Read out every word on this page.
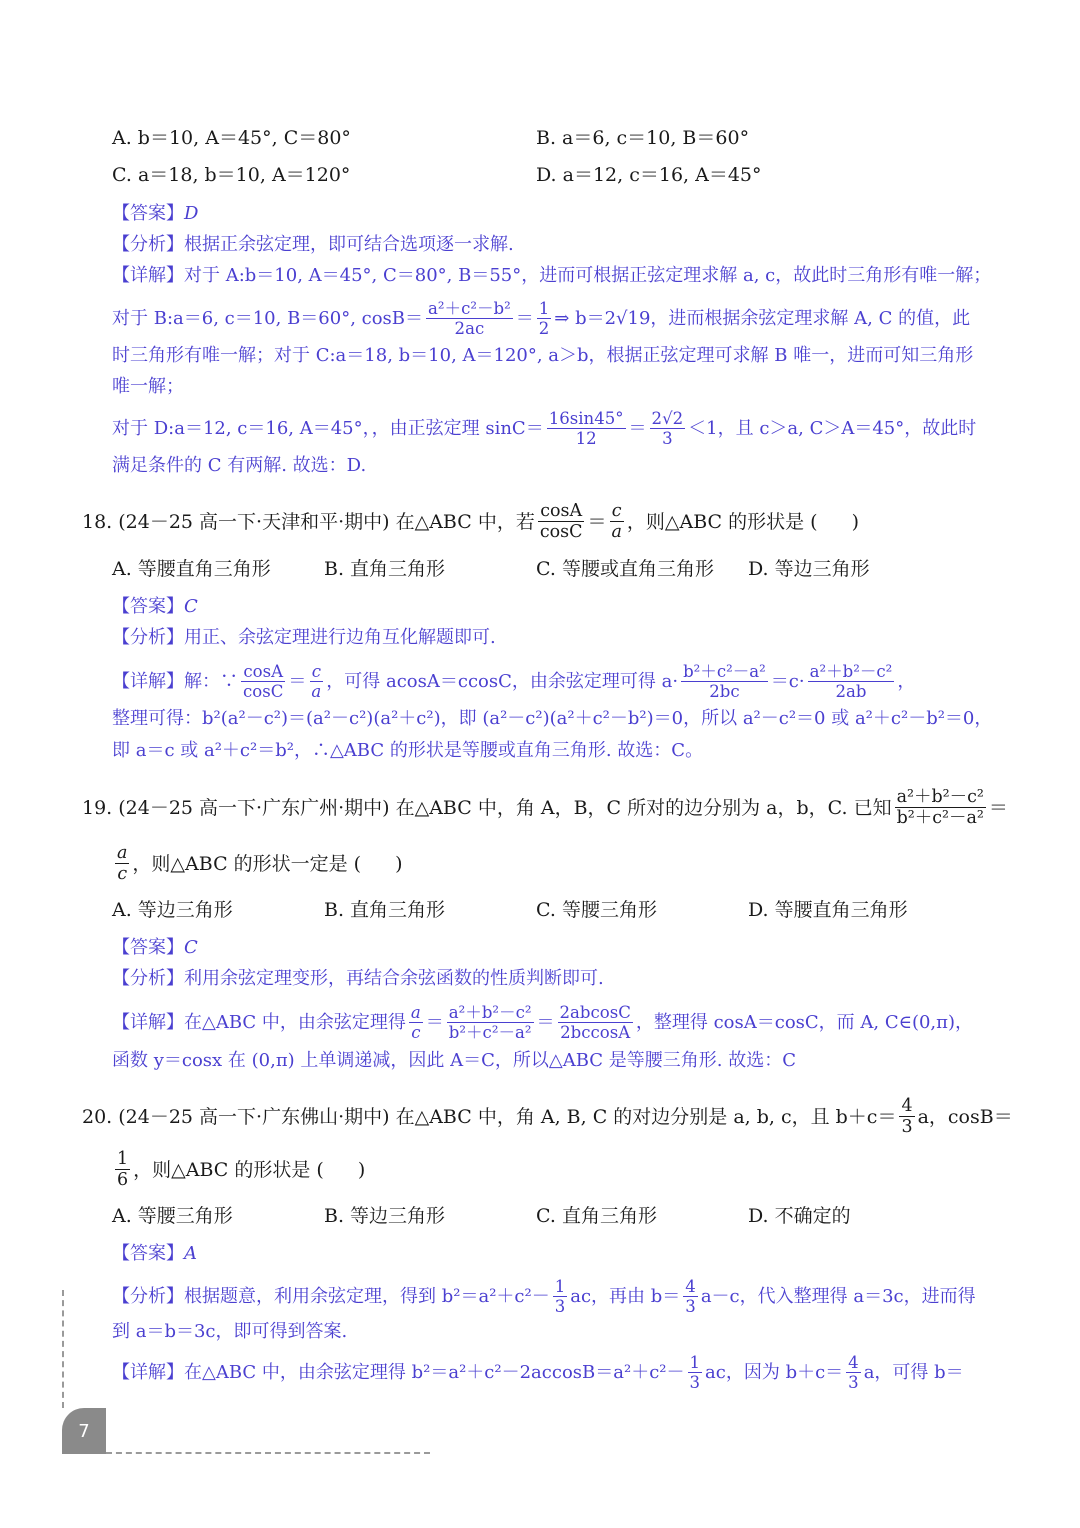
A. b＝10, A＝45°, C＝80°	B. a＝6, c＝10, B＝60°
C. a＝18, b＝10, A＝120°	D. a＝12, c＝16, A＝45°
【答案】D
【分析】根据正余弦定理，即可结合选项逐一求解.
【详解】对于 A:b＝10, A＝45°, C＝80°, B＝55°，进而可根据正弦定理求解 a, c，故此时三角形有唯一解；
对于 B:a＝6, c＝10, B＝60°, $\cos B= \frac{\text{a²＋c²－b²}}{2ac} = \frac{1}{2}$ ⇒ b＝2√19，进而根据余弦定理求解 A, C 的值，此
时三角形有唯一解；对于 C:a＝18, b＝10, A＝120°, a＞b，根据正弦定理可求解 B 唯一，进而可知三角形
唯一解；
对于 D:a＝12, c＝16, A＝45°，，由正弦定理 $\sin C= \frac{16\sin 45^\circ}{12} = \frac{2√2}{3} <1$，且 c＞a, C＞A＝45°，故此时
满足条件的 C 有两解. 故选：D.
18. (24－25 高一下·天津和平·期中) 在△ABC 中，若 $\frac{\cos A}{\cos C} = \frac{c}{a}$ ，则△ABC 的形状是 ( )
A. 等腰直角三角形	B. 直角三角形	C. 等腰或直角三角形 D. 等边三角形
【答案】C
【分析】用正、余弦定理进行边角互化解题即可.
【详解】 解：∵ $\frac{\cos A}{\cos C} = \frac{c}{a}$ ，可得 acosA＝ccosC，由余弦定理可得 $a\cdot \frac{\text{b²＋c²－a²}}{2bc} =c\cdot \frac{\text{a²＋b²－c²}}{2ab}$ ，
整理可得：b²(a²－c²)＝(a²－c²)(a²＋c²)，即 (a²－c²)(a²＋c²－b²)＝0，所以 a²－c²＝0 或 a²＋c²－b²＝0，
即 a＝c 或 a²＋c²＝b²，∴△ABC 的形状是等腰或直角三角形. 故选：C。
19. (24－25 高一下·广东广州·期中) 在△ABC 中，角 A，B，C 所对的边分别为 a，b，C. 已知 $\frac{\text{a²＋b²－c²}}{\text{b²＋c²－a²}}$ ＝
$\frac{a}{c}$ ，则△ABC 的形状一定是 ( )
A. 等边三角形	B. 直角三角形	C. 等腰三角形	D. 等腰直角三角形
【答案】C
【分析】利用余弦定理变形，再结合余弦函数的性质判断即可.
【详解】 在△ABC 中，由余弦定理得 $\frac{a}{c} = \frac{\text{a²＋b²－c²}}{\text{b²＋c²－a²}} = \frac{2abcosC}{2bccosA}$ ，整理得 cosA＝cosC，而 A, C∈(0,π)，
函数 y＝cosx 在 (0,π) 上单调递减，因此 A＝C，所以△ABC 是等腰三角形. 故选：C
20. (24－25 高一下·广东佛山·期中) 在△ABC 中，角 A, B, C 的对边分别是 a, b, c，且 $b+c= \frac{4}{3}$ a，cosB＝
$\frac{1}{6}$ ，则△ABC 的形状是 ( )
A. 等腰三角形	B. 等边三角形	C. 直角三角形	D. 不确定的
【答案】A
【分析】 根据题意，利用余弦定理，得到 $b^2=a^2+c^2- \frac{1}{3}$ ac，再由 $b= \frac{4}{3} a-c$，代入整理得 a＝3c，进而得
到 a＝b＝3c，即可得到答案.
【详解】 在△ABC 中，由余弦定理得 $b^2=a^2+c^2-2accosB=a^2+c^2- \frac{1}{3}$ ac，因为 $b+c= \frac{4}{3}$ a，可得 b＝
7
